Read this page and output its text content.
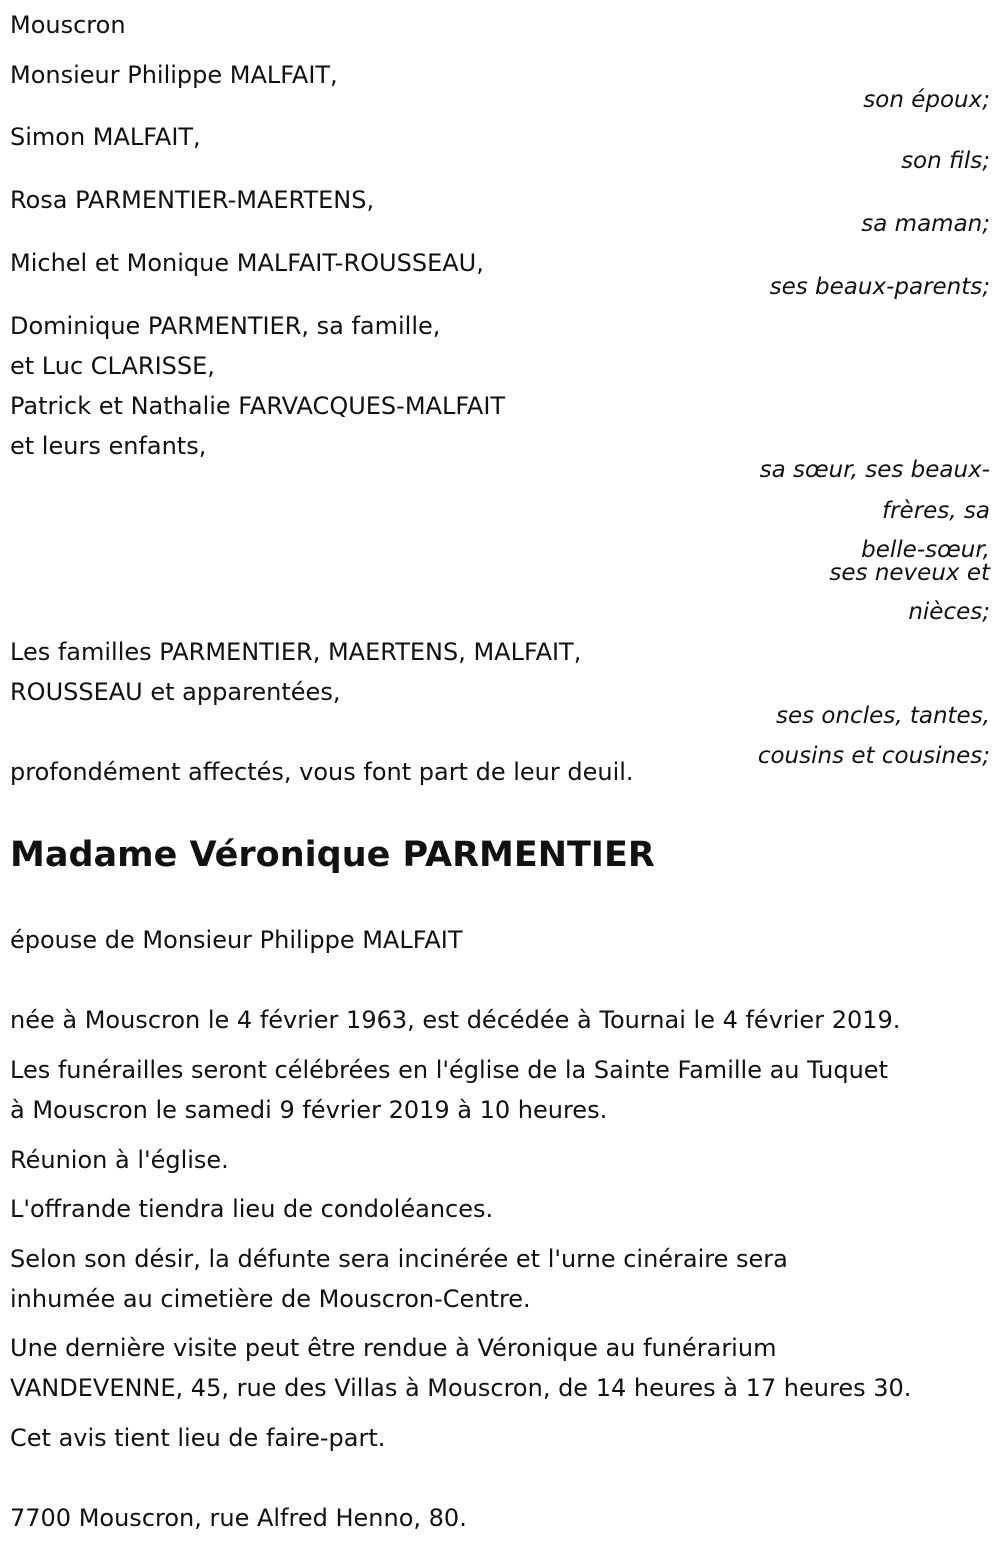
Mouscron
Monsieur Philippe MALFAIT,
son époux;
Simon MALFAIT,
son fils;
Rosa PARMENTIER-MAERTENS,
sa maman;
Michel et Monique MALFAIT-ROUSSEAU,
ses beaux-parents;
Dominique PARMENTIER, sa famille,
et Luc CLARISSE,
Patrick et Nathalie FARVACQUES-MALFAIT
et leurs enfants,
sa sœur, ses beaux-
frères, sa
belle-sœur,
ses neveux et
nièces;
Les familles PARMENTIER, MAERTENS, MALFAIT,
ROUSSEAU et apparentées,
ses oncles, tantes,
cousins et cousines;
profondément affectés, vous font part de leur deuil.
Madame Véronique PARMENTIER
épouse de Monsieur Philippe MALFAIT
née à Mouscron le 4 février 1963, est décédée à Tournai le 4 février 2019.
Les funérailles seront célébrées en l'église de la Sainte Famille au Tuquet
à Mouscron le samedi 9 février 2019 à 10 heures.
Réunion à l'église.
L'offrande tiendra lieu de condoléances.
Selon son désir, la défunte sera incinérée et l'urne cinéraire sera
inhumée au cimetière de Mouscron-Centre.
Une dernière visite peut être rendue à Véronique au funérarium
VANDEVENNE, 45, rue des Villas à Mouscron, de 14 heures à 17 heures 30.
Cet avis tient lieu de faire-part.
7700 Mouscron, rue Alfred Henno, 80.
